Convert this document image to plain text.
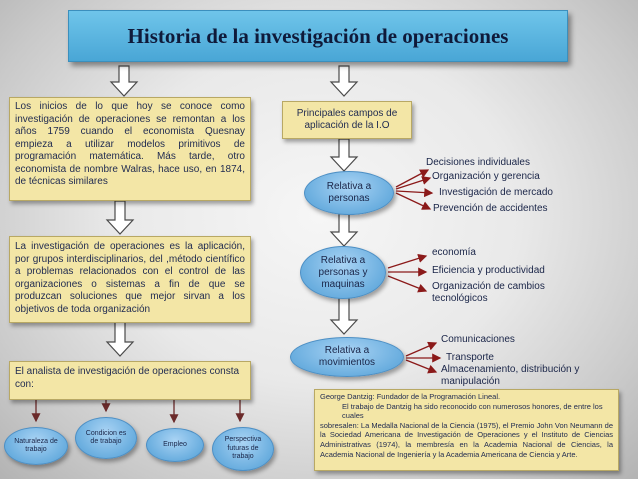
Historia de la investigación de operaciones
Los inicios de lo que hoy se conoce como investigación de operaciones se remontan a los años 1759 cuando el economista Quesnay empieza a utilizar modelos primitivos de programación matemática. Más tarde, otro economista de nombre Walras, hace uso, en 1874, de técnicas similares
La investigación de operaciones es la aplicación, por grupos interdisciplinarios, del ,método científico a problemas relacionados con el control de las organizaciones o sistemas a fin de que se produzcan soluciones que mejor sirvan a los objetivos de toda organización
El analista de investigación de operaciones consta con:
Naturaleza de trabajo
Condicion es de trabajo	Empleo
Perspectiva futuras de trabajo
Principales campos de aplicación de la I.O
Relativa a personas
Decisiones individuales
Organización y gerencia
Investigación de mercado
Prevención de accidentes
Relativa a personas y maquinas
economía
Eficiencia y productividad
Organización de cambios tecnológicos
Relativa a movimientos
Comunicaciones
Transporte
Almacenamiento, distribución y manipulación
George Dantzig: Fundador de la Programación Lineal.
El trabajo de Dantzig ha sido reconocido con numerosos honores, de entre los cuales
sobresalen: La Medalla Nacional de la Ciencia (1975), el Premio John Von Neumann de la Sociedad Americana de Investigación de Operaciones y el Instituto de Ciencias Administrativas (1974), la membresía en la Academia Nacional de Ciencias, la Academia Nacional de Ingeniería y la Academia Americana de Ciencia y Arte.
